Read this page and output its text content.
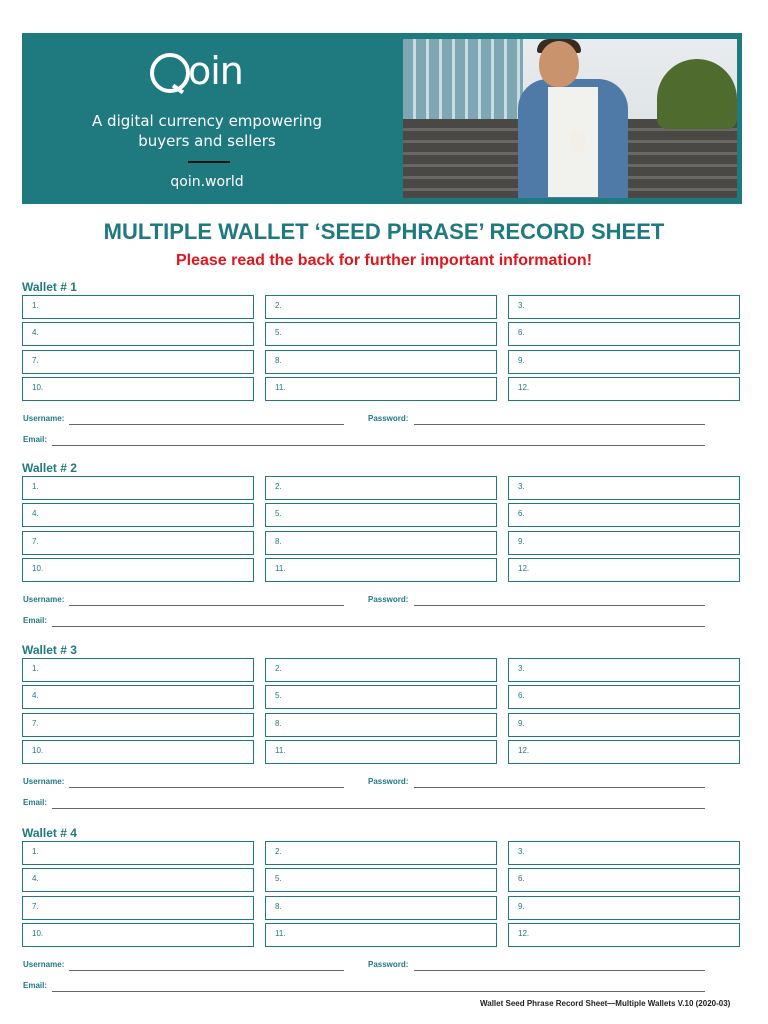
oin
A digital currency empowering
buyers and sellers
qoin.world
MULTIPLE WALLET ‘SEED PHRASE’ RECORD SHEET
Please read the back for further important information!
Wallet # 1
1.	2.	3.
4.	5.	6.
7.	8.	9.
10.	11.	12.
Username:	Password:
Email:
Wallet # 2
1.	2.	3.
4.	5.	6.
7.	8.	9.
10.	11.	12.
Username:	Password:
Email:
Wallet # 3
1.	2.	3.
4.	5.	6.
7.	8.	9.
10.	11.	12.
Username:	Password:
Email:
Wallet # 4
1.	2.	3.
4.	5.	6.
7.	8.	9.
10.	11.	12.
Username:	Password:
Email:
Wallet Seed Phrase Record Sheet—Multiple Wallets V.10 (2020-03)
